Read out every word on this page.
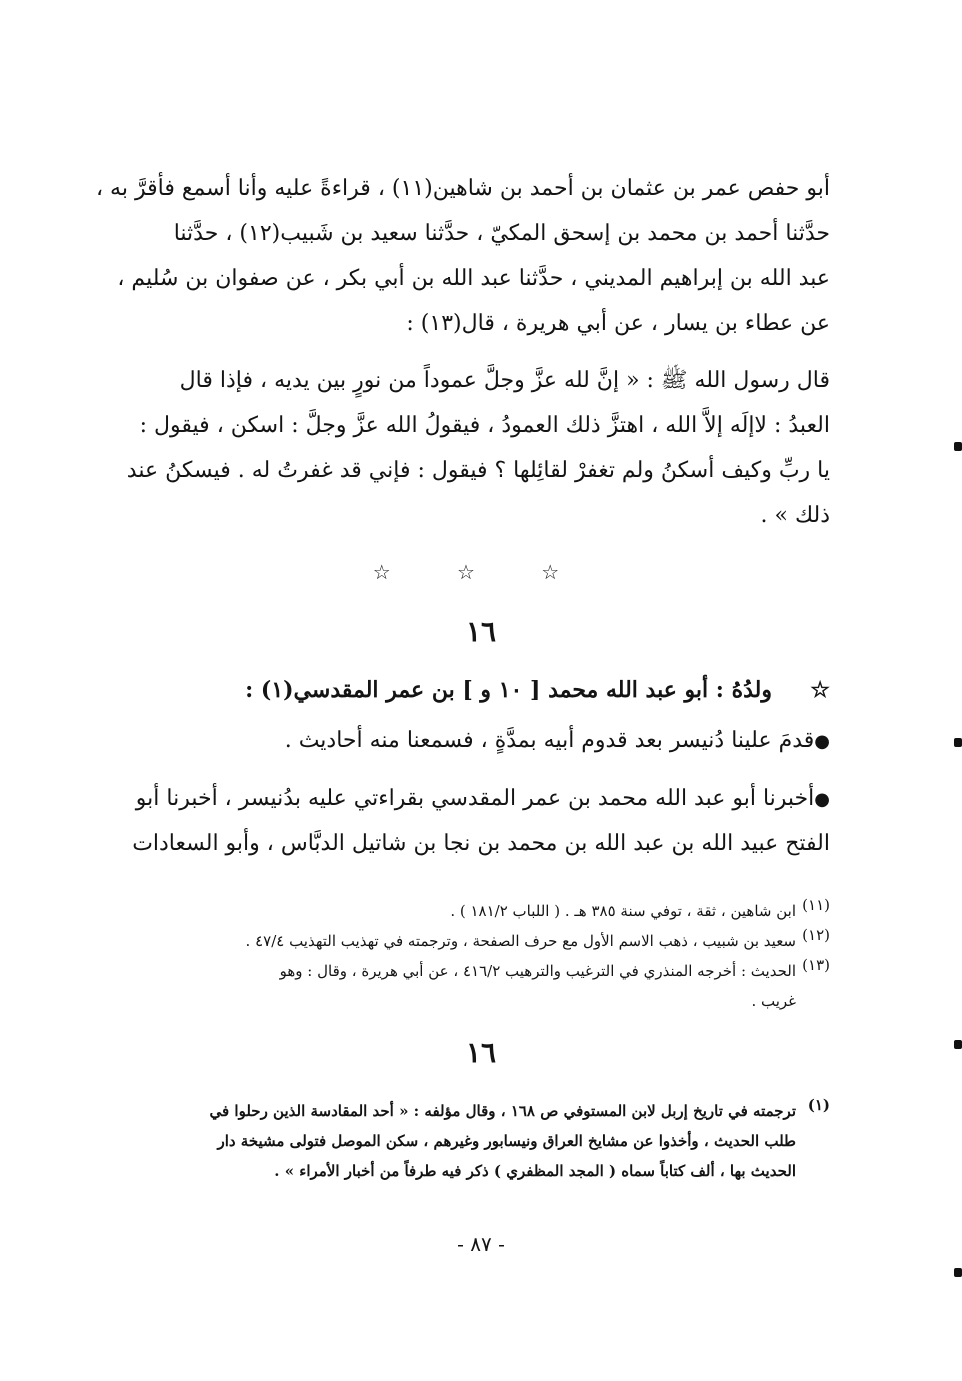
أبو حفص عمر بن عثمان بن أحمد بن شاهين(١١) ، قراءةً عليه وأنا أسمع فأقرَّ به ،
حدَّثنا أحمد بن محمد بن إسحق المكيّ ، حدَّثنا سعيد بن شَبيب(١٢) ، حدَّثنا
عبد الله بن إبراهيم المديني ، حدَّثنا عبد الله بن أبي بكر ، عن صفوان بن سُليم ،
عن عطاء بن يسار ، عن أبي هريرة ، قال(١٣) :
قال رسول الله ﷺ : « إنَّ لله عزَّ وجلَّ عموداً من نورٍ بين يديه ، فإذا قال
العبدُ : لاإلَه إلاَّ الله ، اهتزَّ ذلك العمودُ ، فيقولُ الله عزَّ وجلَّ : اسكن ، فيقول :
يا ربِّ وكيف أسكنُ ولم تغفرْ لقائِلها ؟ فيقول : فإني قد غفرتُ له . فيسكنُ عند
ذلك » .
☆ ☆ ☆
١٦
☆     ولدُهُ : أبو عبد الله محمد [ ١٠ و ] بن عمر المقدسي(١) :
●قدمَ علينا دُنيسر بعد قدوم أبيه بمدَّةٍ ، فسمعنا منه أحاديث .
●أخبرنا أبو عبد الله محمد بن عمر المقدسي بقراءتي عليه بدُنيسر ، أخبرنا أبو
الفتح عبيد الله بن عبد الله بن محمد بن نجا بن شاتيل الدبَّاس ، وأبو السعادات
(١١)
ابن شاهين ، ثقة ، توفي سنة ٣٨٥ هـ . ( اللباب ١٨١/٢ ) .
(١٢)
سعيد بن شبيب ، ذهب الاسم الأول مع حرف الصفحة ، وترجمته في تهذيب التهذيب ٤٧/٤ .
(١٣)
الحديث : أخرجه المنذري في الترغيب والترهيب ٤١٦/٢ ، عن أبي هريرة ، وقال : وهو
غريب .
١٦
(١)
ترجمته في تاريخ إربل لابن المستوفي ص ١٦٨ ، وقال مؤلفه : « أحد المقادسة الذين رحلوا في
طلب الحديث ، وأخذوا عن مشايخ العراق ونيسابور وغيرهم ، سكن الموصل فتولى مشيخة دار
الحديث بها ، ألف كتاباً سماه ( المجد المظفري ) ذكر فيه طرفاً من أخبار الأمراء » .
- ٨٧ -
